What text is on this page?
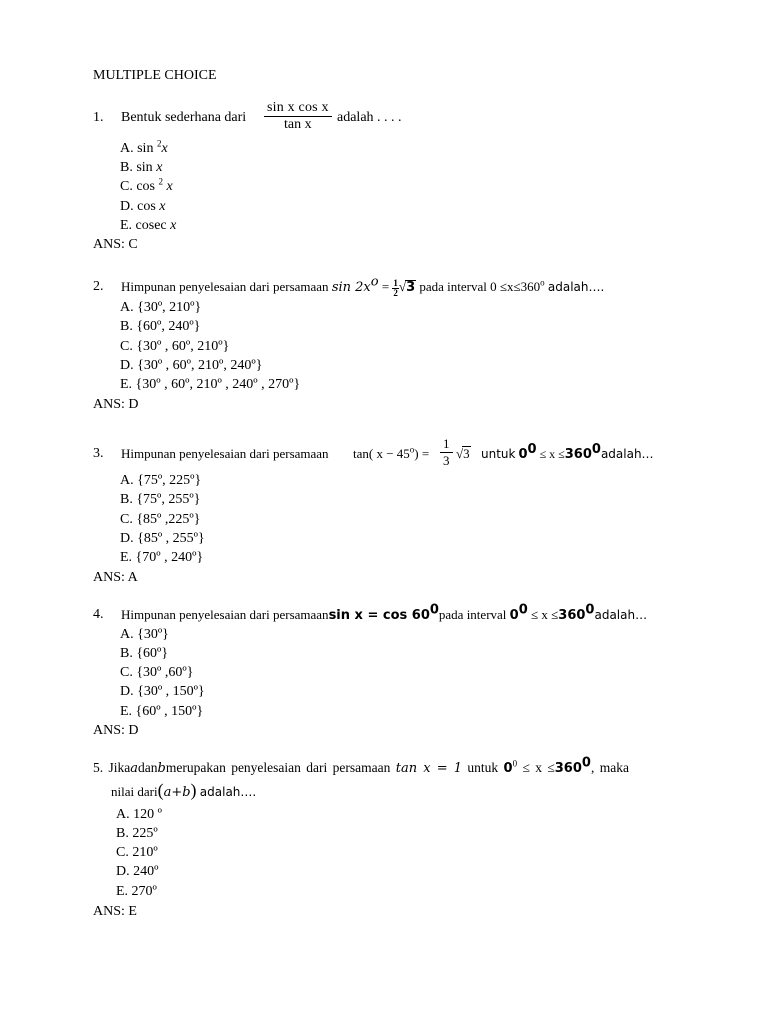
MULTIPLE CHOICE
1. Bentuk sederhana dari $\frac{\text{sin x cos x}}{\text{tan x}}$ adalah . . . .
A. sin $^2$x
B. sin x
C. cos $^2$ x
D. cos x
E. cosec x
ANS: C
2. Himpunan penyelesaian dari persamaan $\sin 2x^o = \frac{1}{2} √3$ pada interval $0 \le x\le 360^o$ adalah….
A. {30º, 210º}
B. {60º, 240º}
C. {30º , 60º, 210º}
D. {30º , 60º, 210º, 240º}
E. {30º , 60º, 210º , 240º , 270º}
ANS: D
3. Himpunan penyelesaian dari persamaan tan( $x - 45^o) = \frac{1}{3} √3$ untuk $0^0 \le x$ $\le 360^0adalah\dots$
A. {75º, 225º}
B. {75º, 255º}
C. {85º ,225º}
D. {85º , 255º}
E. {70º , 240º}
ANS: A
4. Himpunan penyelesaian dari persamaansin $x = \cos 60^0pada$ interval $0^0 \le x$ $\le 360^0adalah\dots$
A. {30º}
B. {60º}
C. {30º ,60º}
D. {30º , 150º}
E. {60º , 150º}
ANS: D
5. Jikaadanbmerupakan penyelesaian dari persamaan tan x = 1 untuk $0^0 \le x \le 360^0$, maka
nilai dari(a+b) adalah….
A. 120 º
B. 225º
C. 210º
D. 240º
E. 270º
ANS: E
